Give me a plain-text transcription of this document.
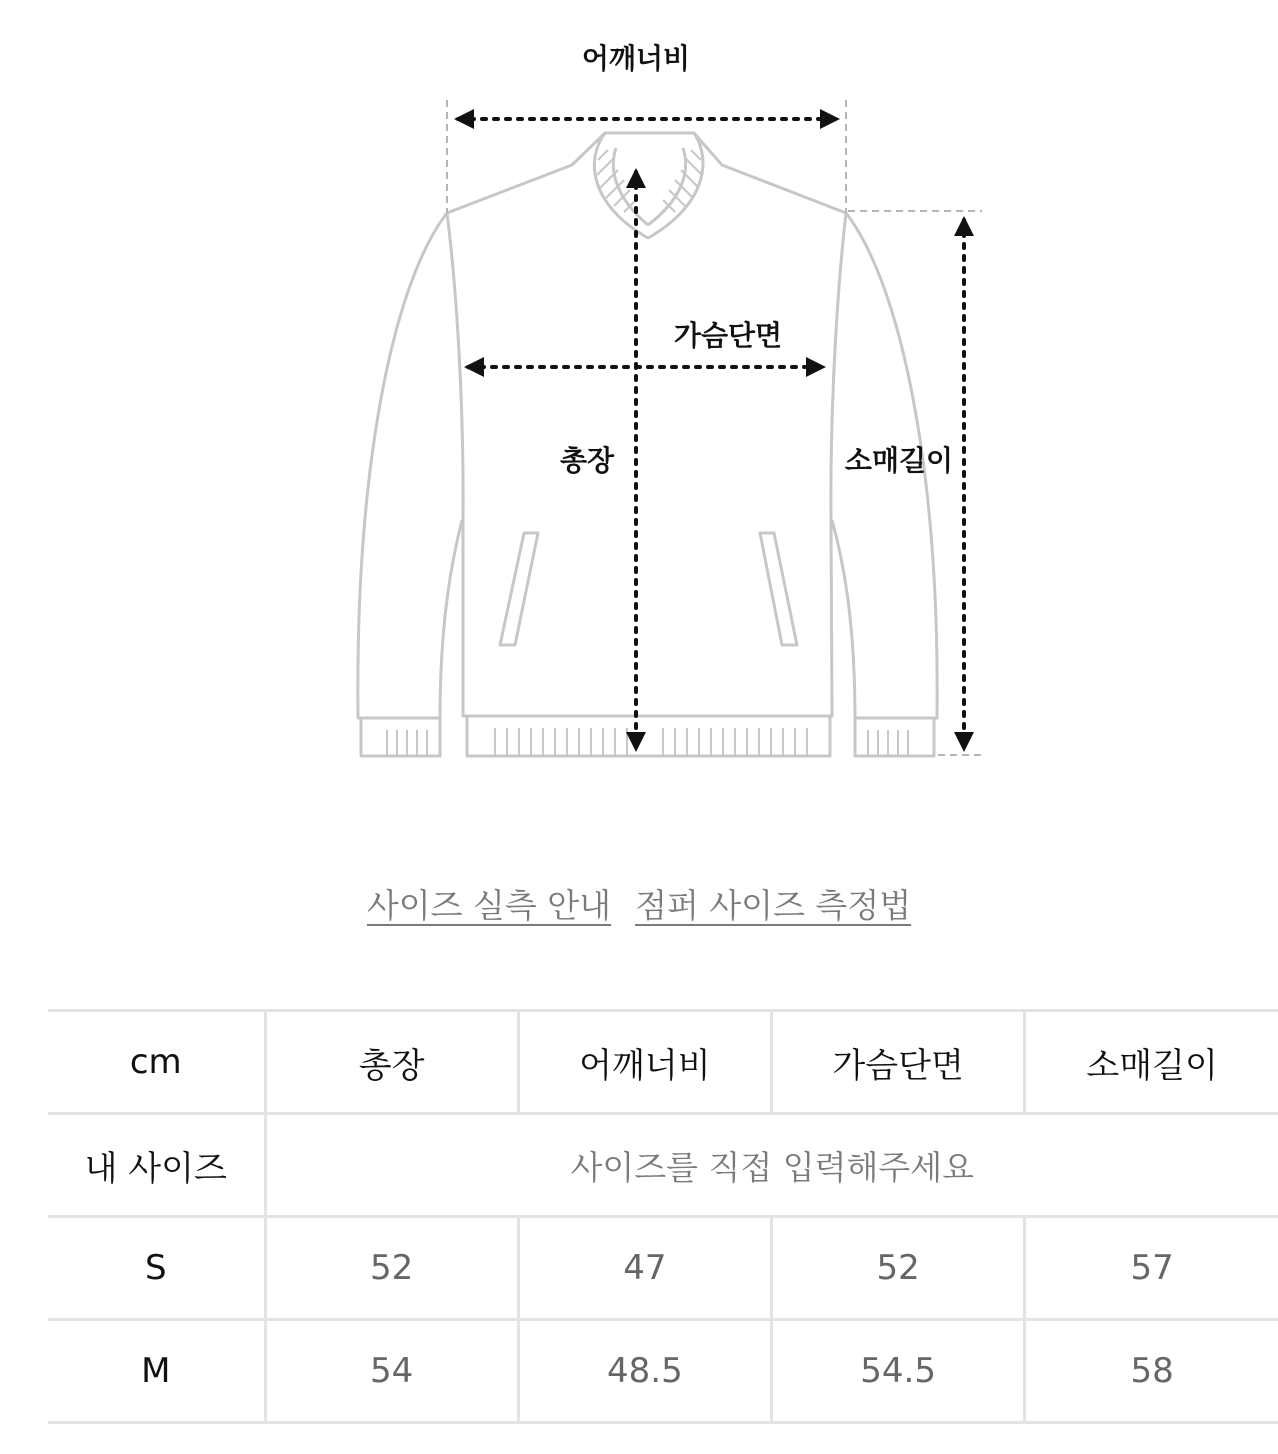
어깨너비
가슴단면
총장	소매길이
사이즈 실측 안내 점퍼 사이즈 측정법
cm	총장	어깨너비	가슴단면	소매길이
내 사이즈	사이즈를 직접 입력해주세요			
S	52	47	52	57
M	54	48.5	54.5	58
